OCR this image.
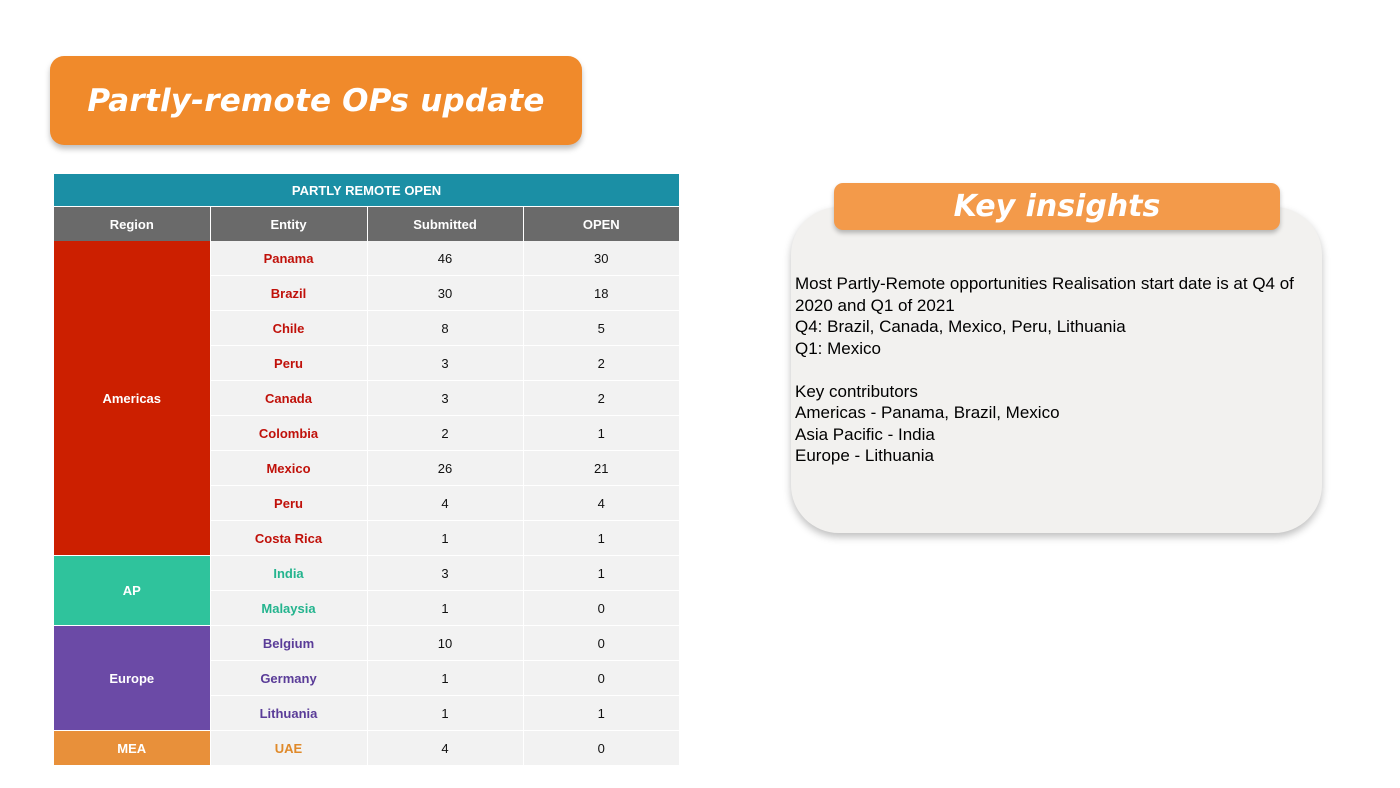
Partly-remote OPs update
PARTLY REMOTE OPEN			
Region	Entity	Submitted	OPEN
Americas	Panama	46	30
	Brazil	30	18
	Chile	8	5
	Peru	3	2
	Canada	3	2
	Colombia	2	1
	Mexico	26	21
	Peru	4	4
	Costa Rica	1	1
AP	India	3	1
	Malaysia	1	0
Europe	Belgium	10	0
	Germany	1	0
	Lithuania	1	1
MEA	UAE	4	0
Key insights
Most Partly-Remote opportunities Realisation start date is at Q4 of 2020 and Q1 of 2021
Q4: Brazil, Canada, Mexico, Peru, Lithuania
Q1: Mexico
Key contributors
Americas - Panama, Brazil, Mexico
Asia Pacific - India
Europe - Lithuania
